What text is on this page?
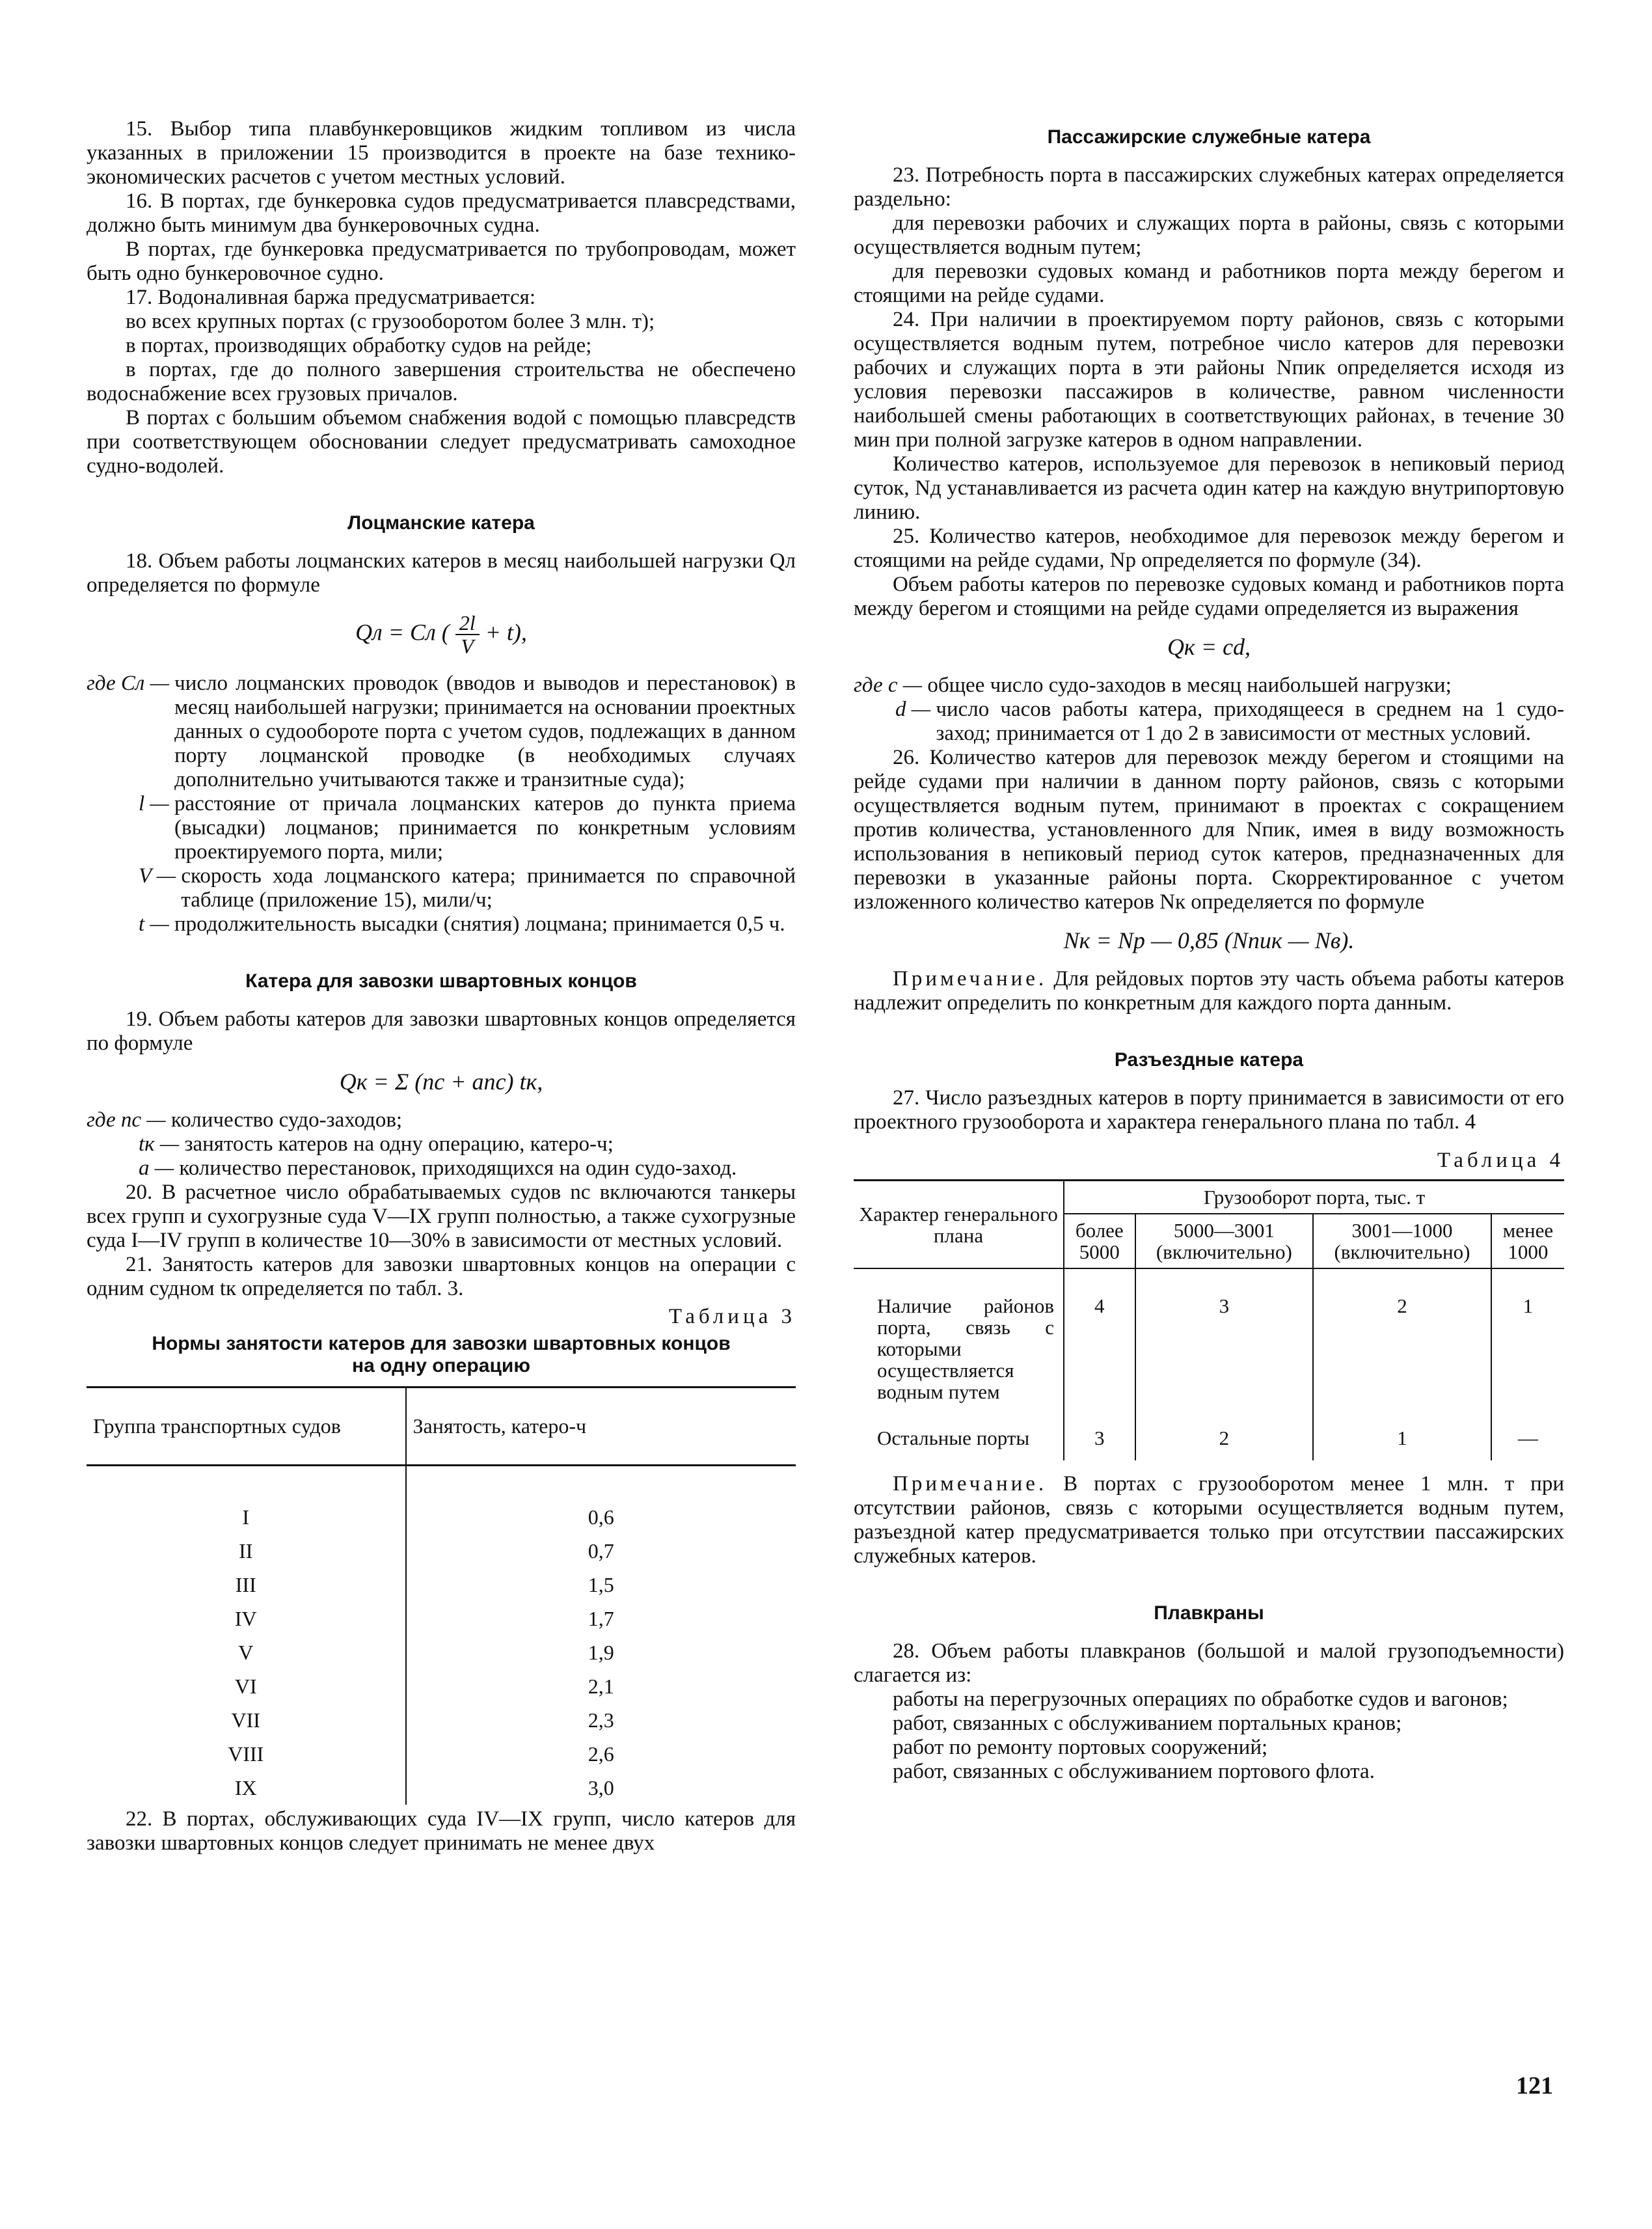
15. Выбор типа плавбункеровщиков жидким топливом из числа указанных в приложении 15 производится в проекте на базе технико-экономических расчетов с учетом местных условий.

16. В портах, где бункеровка судов предусматривается плавсредствами, должно быть минимум два бункеровочных судна.

В портах, где бункеровка предусматривается по трубопроводам, может быть одно бункеровочное судно.

17. Водоналивная баржа предусматривается:

во всех крупных портах (с грузооборотом более 3 млн. т);

в портах, производящих обработку судов на рейде;

в портах, где до полного завершения строительства не обеспечено водоснабжение всех грузовых причалов.

В портах с большим объемом снабжения водой с помощью плавсредств при соответствующем обосновании следует предусматривать самоходное судно-водолей.

Лоцманские катера

18. Объем работы лоцманских катеров в месяц наибольшей нагрузки Qл определяется по формуле

Qл = Cл ( $\frac{2l}{V} + t$),
где Cл — число лоцманских проводок (вводов и выводов и перестановок) в месяц наибольшей нагрузки; принимается на основании проектных данных о судообороте порта с учетом судов, подлежащих в данном порту лоцманской проводке (в необходимых случаях дополнительно учитываются также и транзитные суда);
l — расстояние от причала лоцманских катеров до пункта приема (высадки) лоцманов; принимается по конкретным условиям проектируемого порта, мили;
V — скорость хода лоцманского катера; принимается по справочной таблице (приложение 15), мили/ч;
t — продолжительность высадки (снятия) лоцмана; принимается 0,5 ч.
Катера для завозки швартовных концов

19. Объем работы катеров для завозки швартовных концов определяется по формуле

Qк = Σ (nс + anс) tк,
где nс — количество судо-заходов;
tк — занятость катеров на одну операцию, катеро-ч;
a — количество перестановок, приходящихся на один судо-заход.

20. В расчетное число обрабатываемых судов nс включаются танкеры всех групп и сухогрузные суда V—IX групп полностью, а также сухогрузные суда I—IV групп в количестве 10—30% в зависимости от местных условий.

21. Занятость катеров для завозки швартовных концов на операции с одним судном tк определяется по табл. 3.

Таблица 3
Нормы занятости катеров для завозки швартовных концов на одну операцию
Группа транспортных судов	Занятость, катеро-ч
I	0,6
II	0,7
III	1,5
IV	1,7
V	1,9
VI	2,1
VII	2,3
VIII	2,6
IX	3,0

22. В портах, обслуживающих суда IV—IX групп, число катеров для завозки швартовных концов следует принимать не менее двух

Пассажирские служебные катера

23. Потребность порта в пассажирских служебных катерах определяется раздельно:

для перевозки рабочих и служащих порта в районы, связь с которыми осуществляется водным путем;

для перевозки судовых команд и работников порта между берегом и стоящими на рейде судами.

24. При наличии в проектируемом порту районов, связь с которыми осуществляется водным путем, потребное число катеров для перевозки рабочих и служащих порта в эти районы Nпик определяется исходя из условия перевозки пассажиров в количестве, равном численности наибольшей смены работающих в соответствующих районах, в течение 30 мин при полной загрузке катеров в одном направлении.

Количество катеров, используемое для перевозок в непиковый период суток, Nд устанавливается из расчета один катер на каждую внутрипортовую линию.

25. Количество катеров, необходимое для перевозок между берегом и стоящими на рейде судами, Nр определяется по формуле (34).

Объем работы катеров по перевозке судовых команд и работников порта между берегом и стоящими на рейде судами определяется из выражения

Qк = cd,
где c — общее число судо-заходов в месяц наибольшей нагрузки;
d — число часов работы катера, приходящееся в среднем на 1 судо-заход; принимается от 1 до 2 в зависимости от местных условий.

26. Количество катеров для перевозок между берегом и стоящими на рейде судами при наличии в данном порту районов, связь с которыми осуществляется водным путем, принимают в проектах с сокращением против количества, установленного для Nпик, имея в виду возможность использования в непиковый период суток катеров, предназначенных для перевозки в указанные районы порта. Скорректированное с учетом изложенного количество катеров Nк определяется по формуле

Nк = Nр — 0,85 (Nпик — Nв).

Примечание. Для рейдовых портов эту часть объема работы катеров надлежит определить по конкретным для каждого порта данным.

Разъездные катера

27. Число разъездных катеров в порту принимается в зависимости от его проектного грузооборота и характера генерального плана по табл. 4

Таблица 4
Характер генерального плана	Грузооборот порта, тыс. т			
	более 5000	5000—3001 (включительно)	3001—1000 (включительно)	менее 1000
Наличие районов порта, связь с которыми осуществляется водным путем	4	3	2	1
Остальные порты	3	2	1	—

Примечание. В портах с грузооборотом менее 1 млн. т при отсутствии районов, связь с которыми осуществляется водным путем, разъездной катер предусматривается только при отсутствии пассажирских служебных катеров.

Плавкраны

28. Объем работы плавкранов (большой и малой грузоподъемности) слагается из:

работы на перегрузочных операциях по обработке судов и вагонов;

работ, связанных с обслуживанием портальных кранов;

работ по ремонту портовых сооружений;

работ, связанных с обслуживанием портового флота.

121
